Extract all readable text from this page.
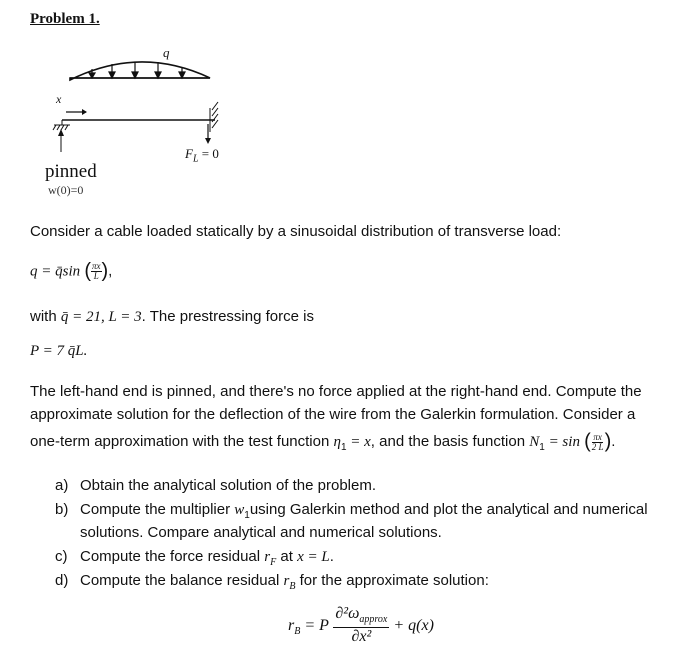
Problem 1.
q
x
$F_L = 0$
pinned
w(0)=0
Consider a cable loaded statically by a sinusoidal distribution of transverse load:
q = q̄sin ( $\frac{\pi x}{L}$ ),
with q̄ = 21, L = 3. The prestressing force is
P = 7 q̄L.
The left-hand end is pinned, and there's no force applied at the right-hand end. Compute the
approximate solution for the deflection of the wire from the Galerkin formulation. Consider a
one-term approximation with the test function $\eta_1 = x$, and the basis function $N_1 = \sin$ ( $\frac{\pi x}{2 L}$ ).
a) Obtain the analytical solution of the problem.
b) Compute the multiplier $w_1using$ Galerkin method and plot the analytical and numerical
solutions. Compare analytical and numerical solutions.
c) Compute the force residual $r_F$ at x = L.
d) Compute the balance residual $r_B$ for the approximate solution:
$r_B = P \frac{\partial^2\omega_{approx}}{\text{∂x²}} + q(x)$
